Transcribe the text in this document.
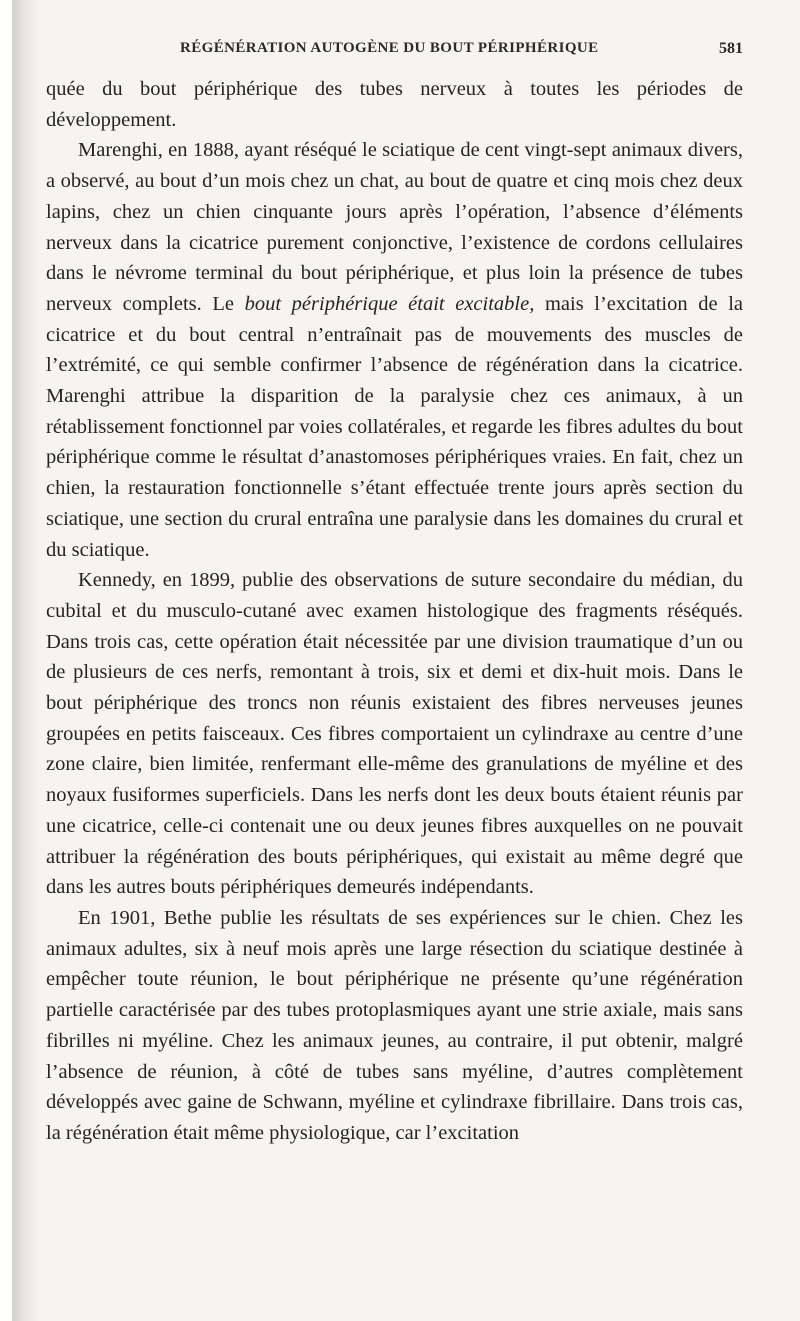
RÉGÉNÉRATION AUTOGÈNE DU BOUT PÉRIPHÉRIQUE	581

quée du bout périphérique des tubes nerveux à toutes les périodes de développement.

Marenghi, en 1888, ayant réséqué le sciatique de cent vingt-sept animaux divers, a observé, au bout d’un mois chez un chat, au bout de quatre et cinq mois chez deux lapins, chez un chien cinquante jours après l’opération, l’absence d’éléments nerveux dans la cicatrice purement conjonctive, l’existence de cordons cellulaires dans le névrome terminal du bout périphérique, et plus loin la présence de tubes nerveux complets. Le bout périphérique était excitable, mais l’excitation de la cicatrice et du bout central n’entraînait pas de mouvements des muscles de l’extrémité, ce qui semble confirmer l’absence de régénération dans la cicatrice. Marenghi attribue la disparition de la paralysie chez ces animaux, à un rétablissement fonctionnel par voies collatérales, et regarde les fibres adultes du bout périphérique comme le résultat d’anastomoses périphériques vraies. En fait, chez un chien, la restauration fonctionnelle s’étant effectuée trente jours après section du sciatique, une section du crural entraîna une paralysie dans les domaines du crural et du sciatique.

Kennedy, en 1899, publie des observations de suture secondaire du médian, du cubital et du musculo-cutané avec examen histologique des fragments réséqués. Dans trois cas, cette opération était nécessitée par une division traumatique d’un ou de plusieurs de ces nerfs, remontant à trois, six et demi et dix-huit mois. Dans le bout périphérique des troncs non réunis existaient des fibres nerveuses jeunes groupées en petits faisceaux. Ces fibres comportaient un cylindraxe au centre d’une zone claire, bien limitée, renfermant elle-même des granulations de myéline et des noyaux fusiformes superficiels. Dans les nerfs dont les deux bouts étaient réunis par une cicatrice, celle-ci contenait une ou deux jeunes fibres auxquelles on ne pouvait attribuer la régénération des bouts périphériques, qui existait au même degré que dans les autres bouts périphériques demeurés indépendants.

En 1901, Bethe publie les résultats de ses expériences sur le chien. Chez les animaux adultes, six à neuf mois après une large résection du sciatique destinée à empêcher toute réunion, le bout périphérique ne présente qu’une régénération partielle caractérisée par des tubes protoplasmiques ayant une strie axiale, mais sans fibrilles ni myéline. Chez les animaux jeunes, au contraire, il put obtenir, malgré l’absence de réunion, à côté de tubes sans myéline, d’autres complètement développés avec gaine de Schwann, myéline et cylindraxe fibrillaire. Dans trois cas, la régénération était même physiologique, car l’excitation
